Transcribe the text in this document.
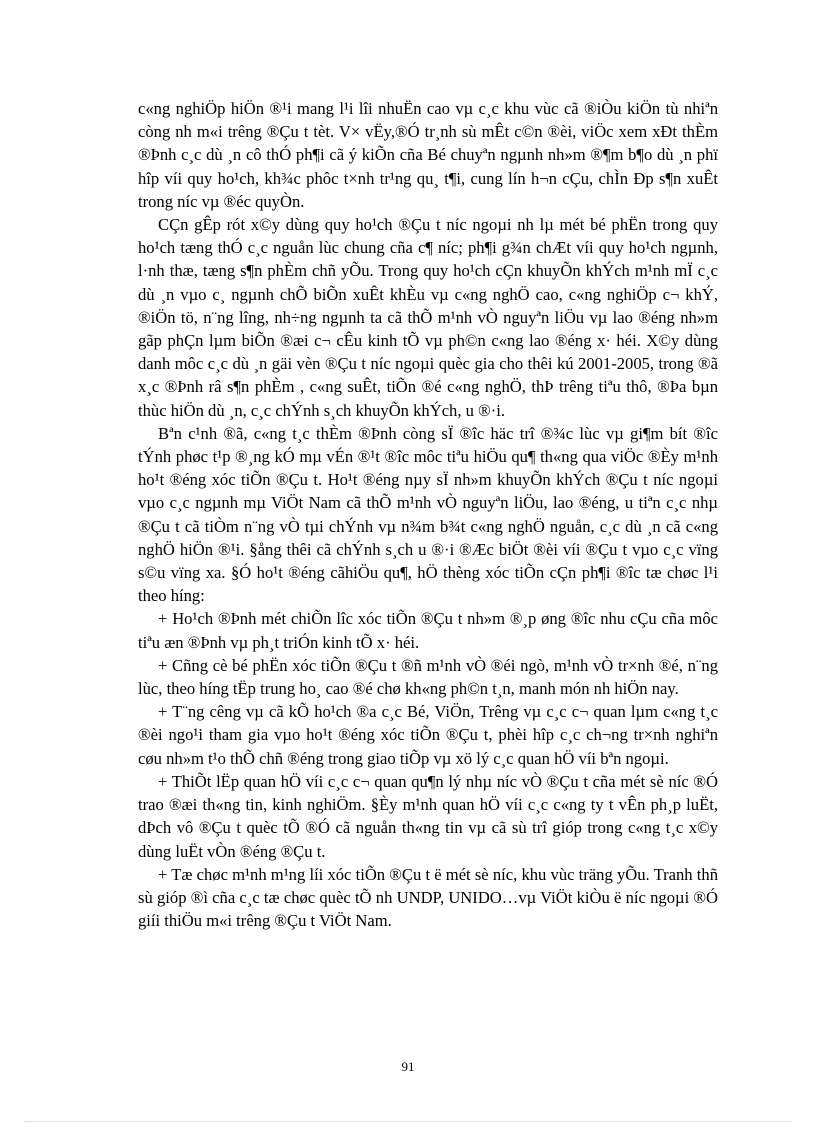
c«ng nghiÖp hiÖn ®¹i mang l¹i lîi nhuËn cao vµ c¸c khu vùc cã ®iÒu kiÖn tù nhiªn còng nh m«i trêng ®Çu t tèt. V× vËy,®Ó tr¸nh sù mÊt c©n ®èi, viÖc xem xÐt thÈm ®Þnh c¸c dù ¸n cô thÓ ph¶i cã ý kiÕn cña Bé chuyªn ngµnh nh»m ®¶m b¶o dù ¸n phï hîp víi quy ho¹ch, kh¾c phôc t×nh tr¹ng qu¸ t¶i, cung lín h¬n cÇu, chÌn Ðp s¶n xuÊt trong níc vµ ®éc quyÒn.

CÇn gÊp rót x©y dùng quy ho¹ch ®Çu t níc ngoµi nh lµ mét bé phËn trong quy ho¹ch tæng thÓ c¸c nguån lùc chung cña c¶ níc; ph¶i g¾n chÆt víi quy ho¹ch ngµnh, l·nh thæ, tæng s¶n phÈm chñ yÕu. Trong quy ho¹ch cÇn khuyÕn khÝch m¹nh mÏ c¸c dù ¸n vµo c¸ ngµnh chÕ biÕn xuÊt khÈu vµ c«ng nghÖ cao, c«ng nghiÖp c¬ khÝ, ®iÖn tö, n¨ng lîng, nh÷ng ngµnh ta cã thÕ m¹nh vÒ nguyªn liÖu vµ lao ®éng nh»m gãp phÇn lµm biÕn ®æi c¬ cÊu kinh tÕ vµ ph©n c«ng lao ®éng x· héi. X©y dùng danh môc c¸c dù ¸n gäi vèn ®Çu t níc ngoµi quèc gia cho thêi kú 2001-2005, trong ®ã x¸c ®Þnh râ s¶n phÈm , c«ng suÊt, tiÕn ®é c«ng nghÖ, thÞ trêng tiªu thô, ®Þa bµn thùc hiÖn dù ¸n, c¸c chÝnh s¸ch khuyÕn khÝch, u ®·i.

Bªn c¹nh ®ã, c«ng t¸c thÈm ®Þnh còng sÏ ®îc häc trî ®¾c lùc vµ gi¶m bít ®îc tÝnh phøc t¹p ®¸ng kÓ mµ vÉn ®¹t ®îc môc tiªu hiÖu qu¶ th«ng qua viÖc ®Èy m¹nh ho¹t ®éng xóc tiÕn ®Çu t. Ho¹t ®éng nµy sÏ nh»m khuyÕn khÝch ®Çu t níc ngoµi vµo c¸c ngµnh mµ ViÖt Nam cã thÕ m¹nh vÒ nguyªn liÖu, lao ®éng, u tiªn c¸c nhµ ®Çu t cã tiÒm n¨ng vÒ tµi chÝnh vµ n¾m b¾t c«ng nghÖ nguån, c¸c dù ¸n cã c«ng nghÖ hiÖn ®¹i. §ång thêi cã chÝnh s¸ch u ®·i ®Æc biÖt ®èi víi ®Çu t vµo c¸c vïng s©u vïng xa. §Ó ho¹t ®éng cãhiÖu qu¶, hÖ thèng xóc tiÕn cÇn ph¶i ®îc tæ chøc l¹i theo híng:

+ Ho¹ch ®Þnh mét chiÕn lîc xóc tiÕn ®Çu t nh»m ®¸p øng ®îc nhu cÇu cña môc tiªu æn ®Þnh vµ ph¸t triÓn kinh tÕ x· héi.

+ Cñng cè bé phËn xóc tiÕn ®Çu t ®ñ m¹nh vÒ ®éi ngò, m¹nh vÒ tr×nh ®é, n¨ng lùc, theo híng tËp trung ho¸ cao ®é chø kh«ng ph©n t¸n, manh món nh hiÖn nay.

+ T¨ng cêng vµ cã kÕ ho¹ch ®a c¸c Bé, ViÖn, Trêng vµ c¸c c¬ quan lµm c«ng t¸c ®èi ngo¹i tham gia vµo ho¹t ®éng xóc tiÕn ®Çu t, phèi hîp c¸c ch¬ng tr×nh nghiªn cøu nh»m t¹o thÕ chñ ®éng trong giao tiÕp vµ xö lý c¸c quan hÖ víi bªn ngoµi.

+ ThiÕt lËp quan hÖ víi c¸c c¬ quan qu¶n lý nhµ níc vÒ ®Çu t cña mét sè níc ®Ó trao ®æi th«ng tin, kinh nghiÖm. §Èy m¹nh quan hÖ víi c¸c c«ng ty t vÊn ph¸p luËt, dÞch vô ®Çu t quèc tÕ ®Ó cã nguån th«ng tin vµ cã sù trî gióp trong c«ng t¸c x©y dùng luËt vÒn ®éng ®Çu t.

+ Tæ chøc m¹nh m¹ng líi xóc tiÕn ®Çu t ë mét sè níc, khu vùc träng yÕu. Tranh thñ sù gióp ®ì cña c¸c tæ chøc quèc tÕ nh UNDP, UNIDO…vµ ViÖt kiÒu ë níc ngoµi ®Ó giíi thiÖu m«i trêng ®Çu t ViÖt Nam.

91
